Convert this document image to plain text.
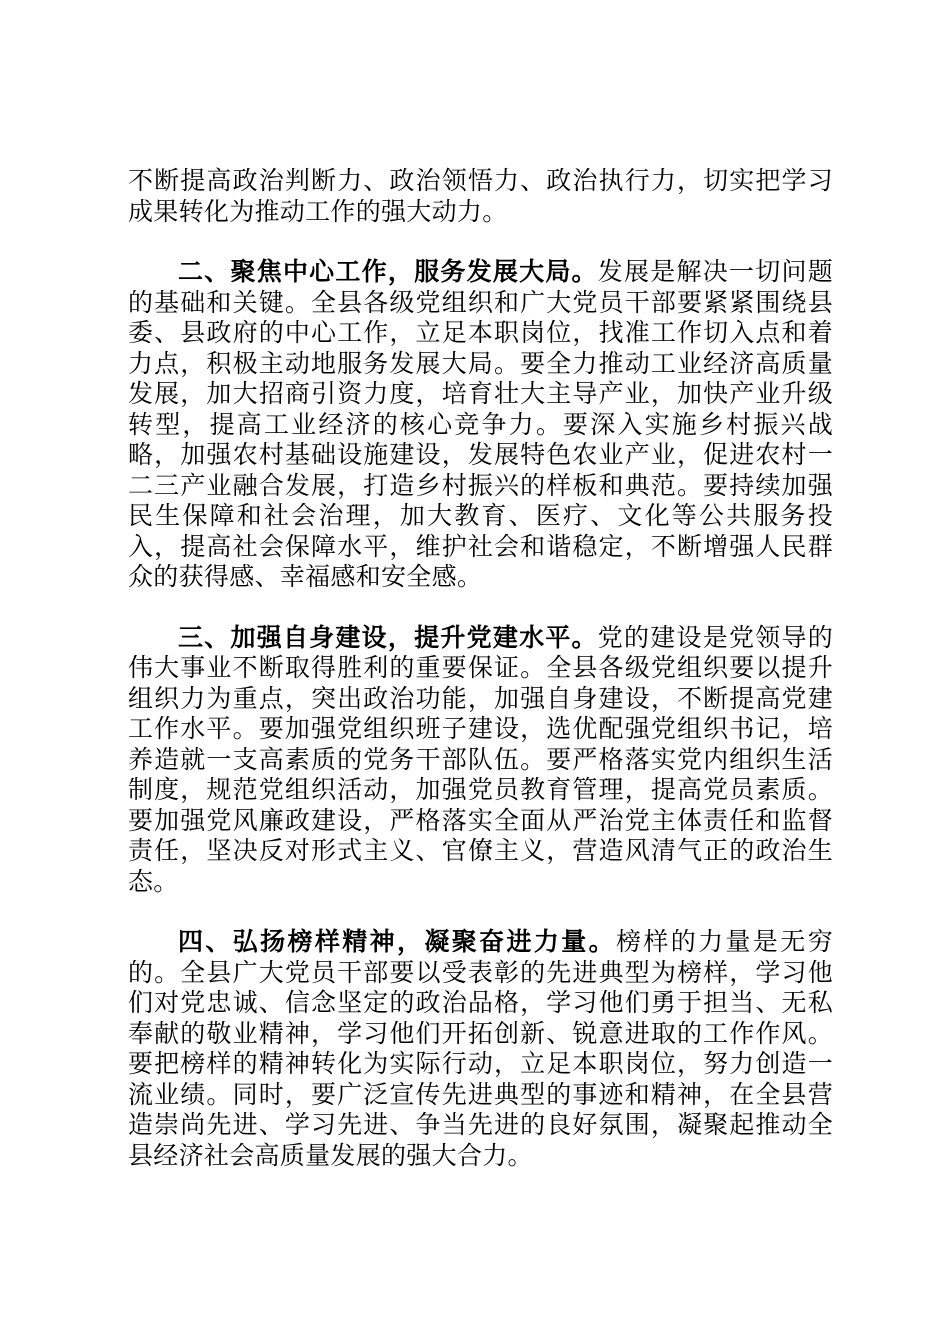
不断提高政治判断力、政治领悟力、政治执行力，切实把学习成果转化为推动工作的强大动力。

二、聚焦中心工作，服务发展大局。发展是解决一切问题的基础和关键。全县各级党组织和广大党员干部要紧紧围绕县委、县政府的中心工作，立足本职岗位，找准工作切入点和着力点，积极主动地服务发展大局。要全力推动工业经济高质量发展，加大招商引资力度，培育壮大主导产业，加快产业升级转型，提高工业经济的核心竞争力。要深入实施乡村振兴战略，加强农村基础设施建设，发展特色农业产业，促进农村一二三产业融合发展，打造乡村振兴的样板和典范。要持续加强民生保障和社会治理，加大教育、医疗、文化等公共服务投入，提高社会保障水平，维护社会和谐稳定，不断增强人民群众的获得感、幸福感和安全感。

三、加强自身建设，提升党建水平。党的建设是党领导的伟大事业不断取得胜利的重要保证。全县各级党组织要以提升组织力为重点，突出政治功能，加强自身建设，不断提高党建工作水平。要加强党组织班子建设，选优配强党组织书记，培养造就一支高素质的党务干部队伍。要严格落实党内组织生活制度，规范党组织活动，加强党员教育管理，提高党员素质。要加强党风廉政建设，严格落实全面从严治党主体责任和监督责任，坚决反对形式主义、官僚主义，营造风清气正的政治生态。

四、弘扬榜样精神，凝聚奋进力量。榜样的力量是无穷的。全县广大党员干部要以受表彰的先进典型为榜样，学习他们对党忠诚、信念坚定的政治品格，学习他们勇于担当、无私奉献的敬业精神，学习他们开拓创新、锐意进取的工作作风。要把榜样的精神转化为实际行动，立足本职岗位，努力创造一流业绩。同时，要广泛宣传先进典型的事迹和精神，在全县营造崇尚先进、学习先进、争当先进的良好氛围，凝聚起推动全县经济社会高质量发展的强大合力。
